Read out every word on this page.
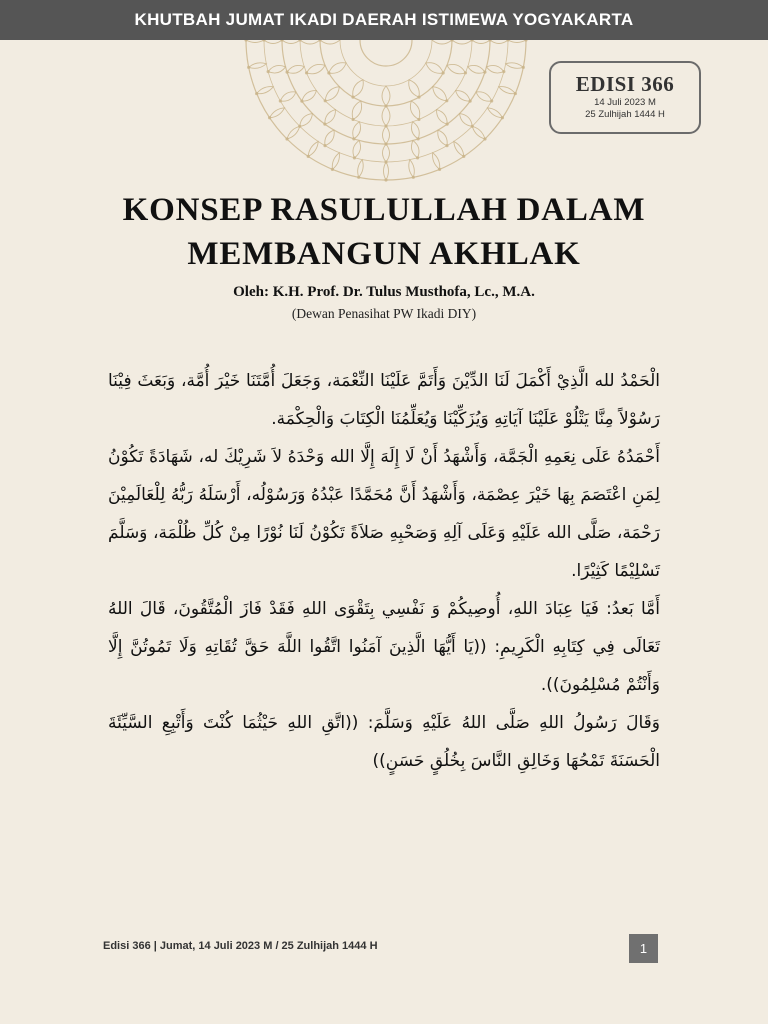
KHUTBAH JUMAT IKADI DAERAH ISTIMEWA YOGYAKARTA
EDISI 366
14 Juli 2023 M
25 Zulhijah 1444 H
KONSEP RASULULLAH DALAM
MEMBANGUN AKHLAK
Oleh: K.H. Prof. Dr. Tulus Musthofa, Lc., M.A.
(Dewan Penasihat PW Ikadi DIY)

الْحَمْدُ لله الَّذِيْ أَكْمَلَ لَنَا الدِّيْنَ وَأَتَمَّ عَلَيْنَا النِّعْمَة، وَجَعَلَ أُمَّتَنَا خَيْرَ أُمَّة، وَبَعَثَ فِيْنَا رَسُوْلاً مِنَّا يَتْلُوْ عَلَيْنَا آيَاتِهِ وَيُزَكِّيْنَا وَيُعَلِّمُنَا الْكِتَابَ وَالْحِكْمَة.

أَحْمَدُهُ عَلَى نِعَمِهِ الْجَمَّة، وَأَشْهَدُ أَنْ لَا إِلَهَ إِلَّا الله وَحْدَهُ لاَ شَرِيْكَ له، شَهَادَةً تَكُوْنُ لِمَنِ اعْتَصَمَ بِهَا خَيْرَ عِصْمَة، وَأَشْهَدُ أَنَّ مُحَمَّدًا عَبْدُهُ وَرَسُوْلُه، أَرْسَلَهُ رَبُّهُ لِلْعَالَمِيْنَ رَحْمَة، صَلَّى الله عَلَيْهِ وَعَلَى آلِهِ وَصَحْبِهِ صَلاَةً تَكُوْنُ لَنَا نُوْرًا مِنْ كُلِّ ظُلْمَة، وَسَلَّمَ تَسْلِيْمًا كَثِيْرًا.

أَمَّا بَعدُ: فَيَا عِبَادَ اللهِ، أُوصِيكُمْ وَ نَفْسِي بِتَقْوَى اللهِ فَقَدْ فَازَ الْمُتَّقُونَ، قَالَ اللهُ تَعَالَى فِي كِتَابِهِ الْكَرِيمِ: ((يَا أَيُّهَا الَّذِينَ آمَنُوا اتَّقُوا اللَّهَ حَقَّ تُقَاتِهِ وَلَا تَمُوتُنَّ إِلَّا وَأَنْتُمْ مُسْلِمُونَ)).

وَقَالَ رَسُولُ اللهِ صَلَّى اللهُ عَلَيْهِ وَسَلَّمَ: ((اتَّقِ اللهِ حَيْثُمَا كُنْتَ وَأَتْبِعِ السَّيِّئَةَ الْحَسَنَةَ تَمْحُهَا وَخَالِقِ النَّاسَ بِخُلُقٍ حَسَنٍ))

Edisi 366 | Jumat, 14 Juli 2023 M / 25 Zulhijah 1444 H	1
